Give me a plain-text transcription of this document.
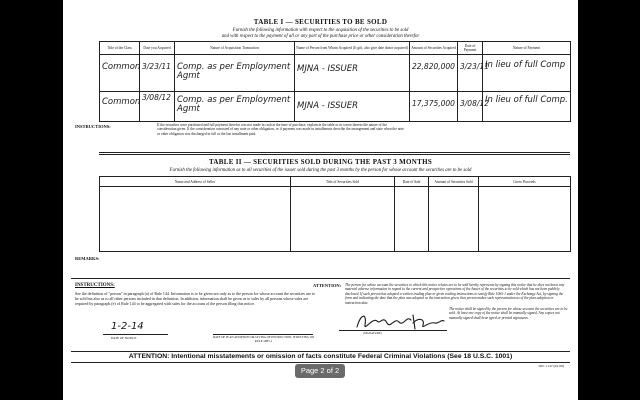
TABLE I — SECURITIES TO BE SOLD
Furnish the following information with respect to the acquisition of the securities to be sold
and with respect to the payment of all or any part of the purchase price or other consideration therefor
Title of the Class	Date you Acquired	Nature of Acquisition Transaction	Name of Person from Whom Acquired (If gift, also give date donor acquired)	Amount of Securities Acquired	Date of Payment	Nature of Payment
Common	3/23/11	Comp. as per Employment Agmt	MJNA - ISSUER	22,820,000	3/23/11	In lieu of full Comp
Common	3/08/12	Comp. as per Employment Agmt	MJNA - ISSUER	17,375,000	3/08/12	In lieu of full Comp.
INSTRUCTIONS:	If the securities were purchased and full payment therefor was not made in cash at the time of purchase, explain in the table or in a note thereto the nature of the consideration given. If the consideration consisted of any note or other obligation, or if payment was made in installments describe the arrangement and state when the note or other obligation was discharged in full or the last installment paid.
TABLE II — SECURITIES SOLD DURING THE PAST 3 MONTHS
Furnish the following information as to all securities of the issuer sold during the past 3 months by the person for whose account the securities are to be sold
Name and Address of Seller	Title of Securities Sold	Date of Sale	Amount of Securities Sold	Gross Proceeds

REMARKS:
INSTRUCTIONS:
See the definition of "person" in paragraph (a) of Rule 144. Information is to be given not only as to the person for whose account the securities are to be sold but also as to all other persons included in that definition. In addition, information shall be given as to sales by all persons whose sales are required by paragraph (e) of Rule 144 to be aggregated with sales for the account of the person filing this notice.
1-2-14
DATE OF NOTICE	DATE OF PLAN ADOPTION OR GIVING OF INSTRUCTION, IF RELYING ON RULE 10B5-1
ATTENTION: The person for whose account the securities to which this notice relates are to be sold hereby represents by signing this notice that he does not know any material adverse information in regard to the current and prospective operations of the Issuer of the securities to be sold which has not been publicly disclosed. If such person has adopted a written trading plan or given trading instructions to satisfy Rule 10b5-1 under the Exchange Act, by signing the form and indicating the date that the plan was adopted or the instruction given, that person makes such representation as of the plan adoption or instruction date.
(SIGNATURE)
The notice shall be signed by the person for whose account the securities are to be sold. At least one copy of the notice shall be manually signed. Any copies not manually signed shall bear typed or printed signatures.
ATTENTION: Intentional misstatements or omission of facts constitute Federal Criminal Violations (See 18 U.S.C. 1001)
SEC 1147 (02-08)
Page 2 of 2
